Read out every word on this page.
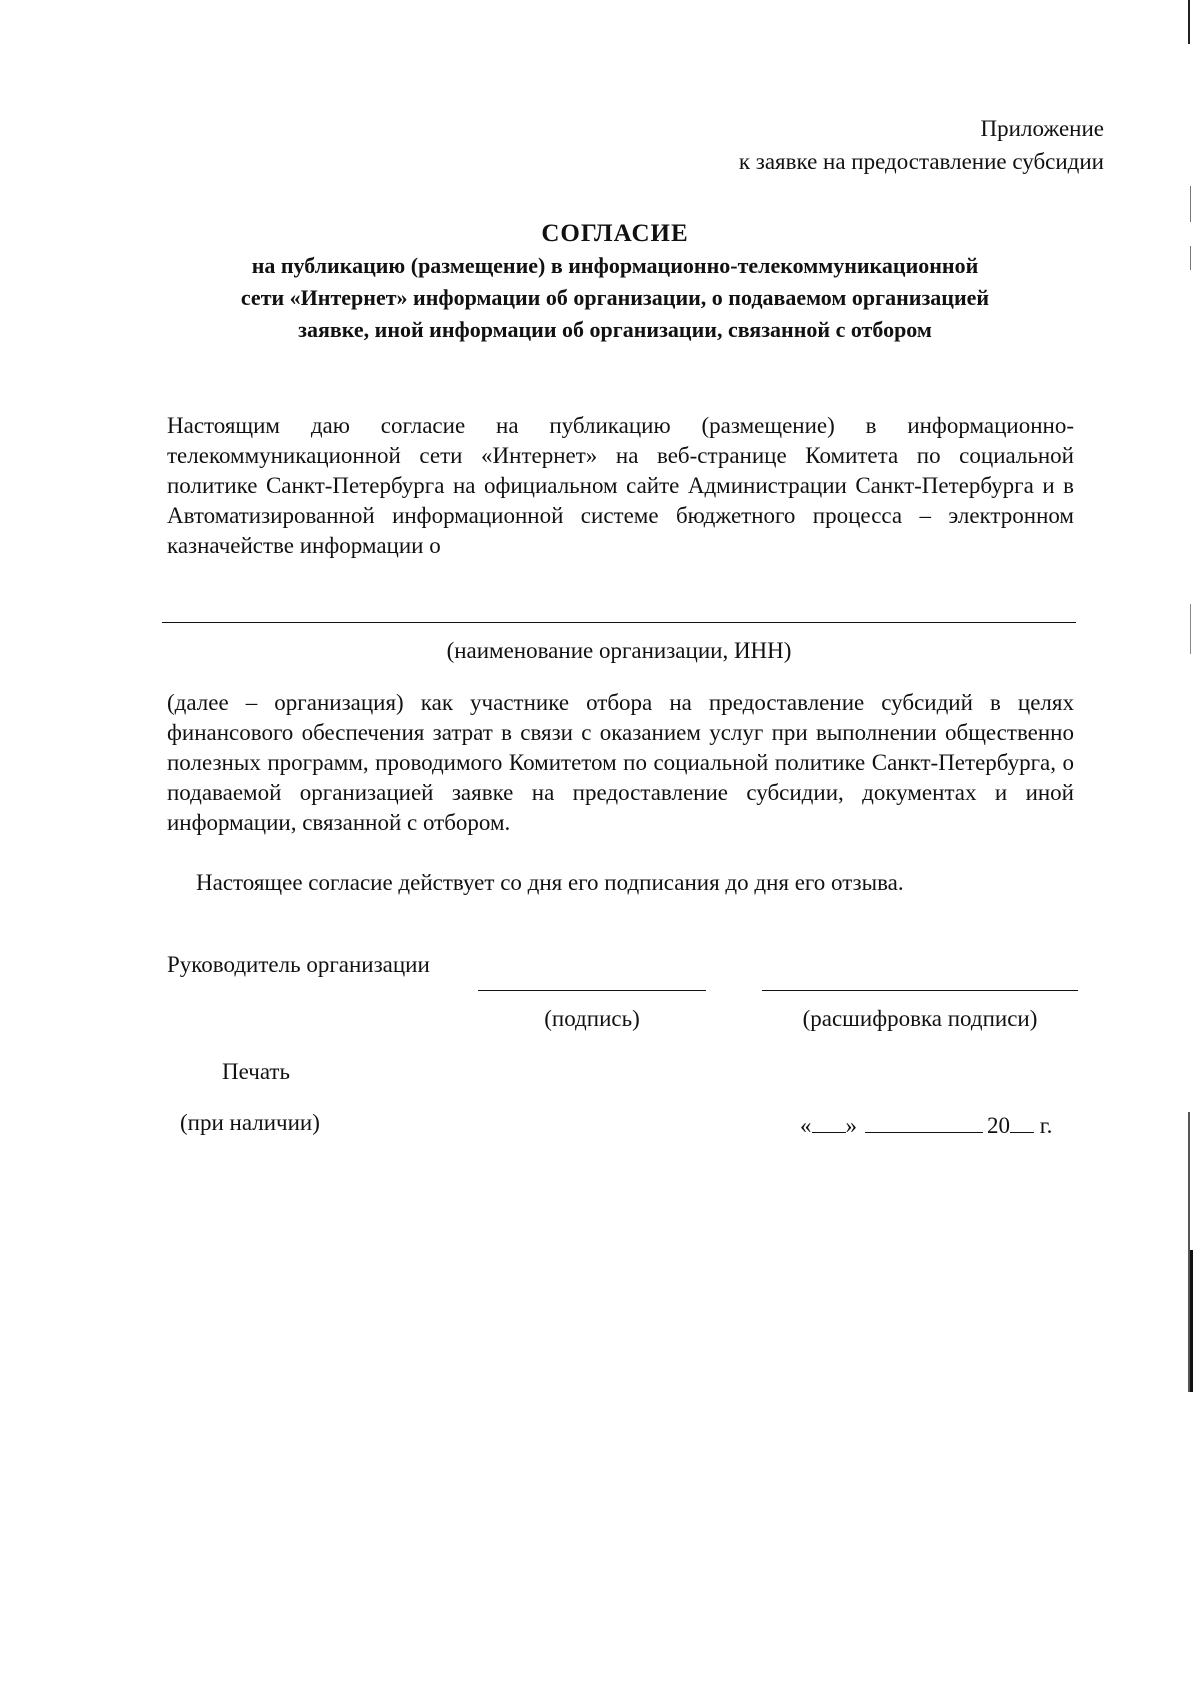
Приложение
к заявке на предоставление субсидии
СОГЛАСИЕ
на публикацию (размещение) в информационно-телекоммуникационной
сети «Интернет» информации об организации, о подаваемом организацией
заявке, иной информации об организации, связанной с отбором
Настоящим даю согласие на публикацию (размещение) в информационно-телекоммуникационной сети «Интернет» на веб-странице Комитета по социальной политике Санкт-Петербурга на официальном сайте Администрации Санкт-Петербурга и в Автоматизированной информационной системе бюджетного процесса – электронном казначействе информации о
(наименование организации, ИНН)
(далее – организация) как участнике отбора на предоставление субсидий в целях финансового обеспечения затрат в связи с оказанием услуг при выполнении общественно полезных программ, проводимого Комитетом по социальной политике Санкт-Петербурга, о подаваемой организацией заявке на предоставление субсидии, документах и иной информации, связанной с отбором.
Настоящее согласие действует со дня его подписания до дня его отзыва.
Руководитель организации
(подпись)	(расшифровка подписи)
Печать
(при наличии)	« »	20 г.
